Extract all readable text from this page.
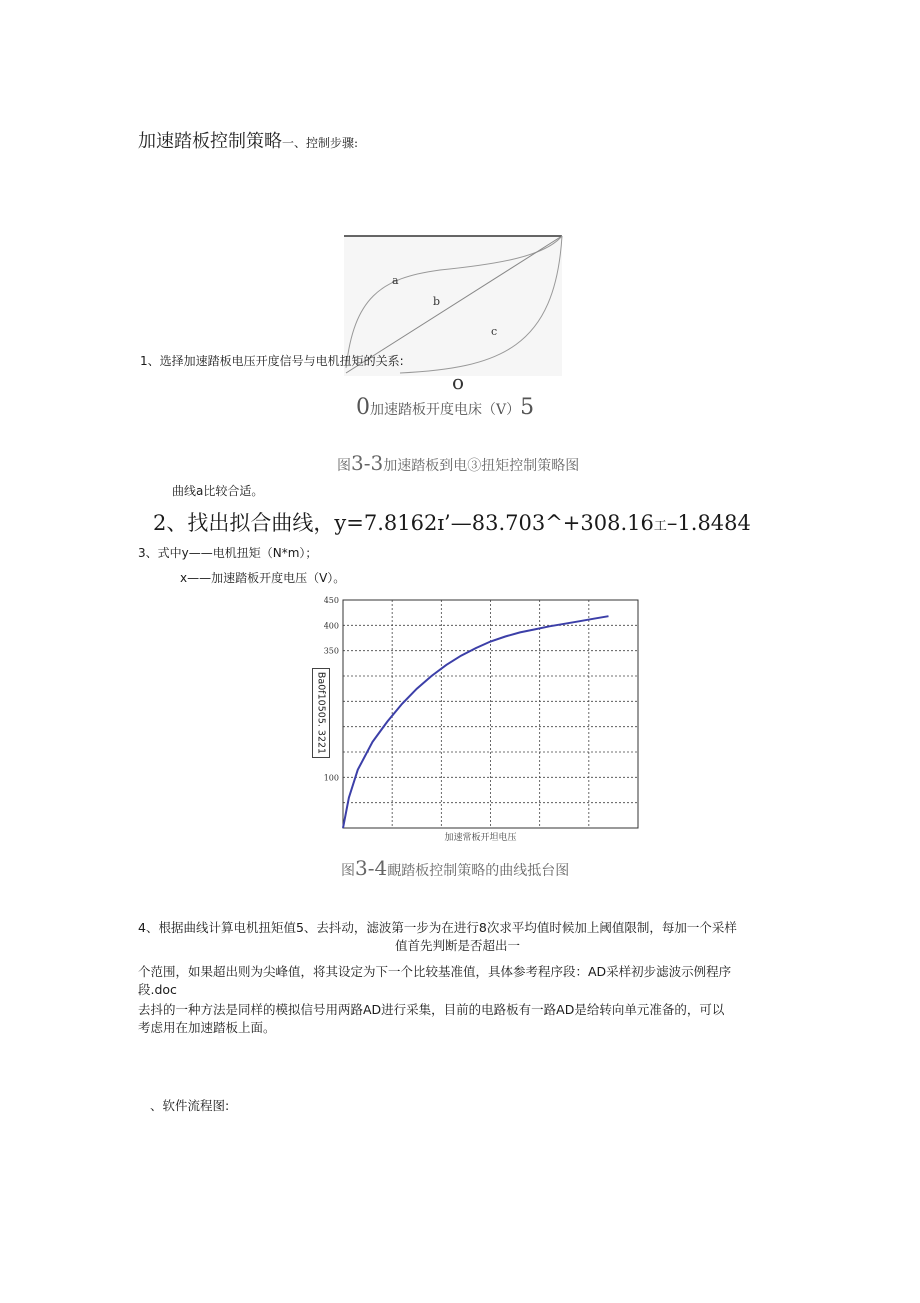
加速踏板控制策略一、控制步骤:
a
b
c
1、选择加速踏板电压开度信号与电机扭矩的关系:
o
0加速踏板开度电床（V）5
图3-3加速踏板到电③扭矩控制策略图
曲线a比较合适。
2、找出拟合曲线，y=7.8162ɪ’—83.703^+308.16工–1.8484
3、式中y——电机扭矩（N*m）；
x——加速踏板开度电压（V）。
450
400
350
100
加速常板开坦电压
Ba0f10505. 3221
图3-4靦踏板控制策略的曲线抵台图
4、根据曲线计算电机扭矩值5、去抖动，滤波第一步为在进行8次求平均值时候加上阈值限制，每加一个采样
值首先判断是否超出一
个范围，如果超出则为尖峰值，将其设定为下一个比较基准值，具体参考程序段：AD采样初步滤波示例程序
段.doc
去抖的一种方法是同样的模拟信号用两路AD进行采集，目前的电路板有一路AD是给转向单元准备的，可以
考虑用在加速踏板上面。
、软件流程图:
